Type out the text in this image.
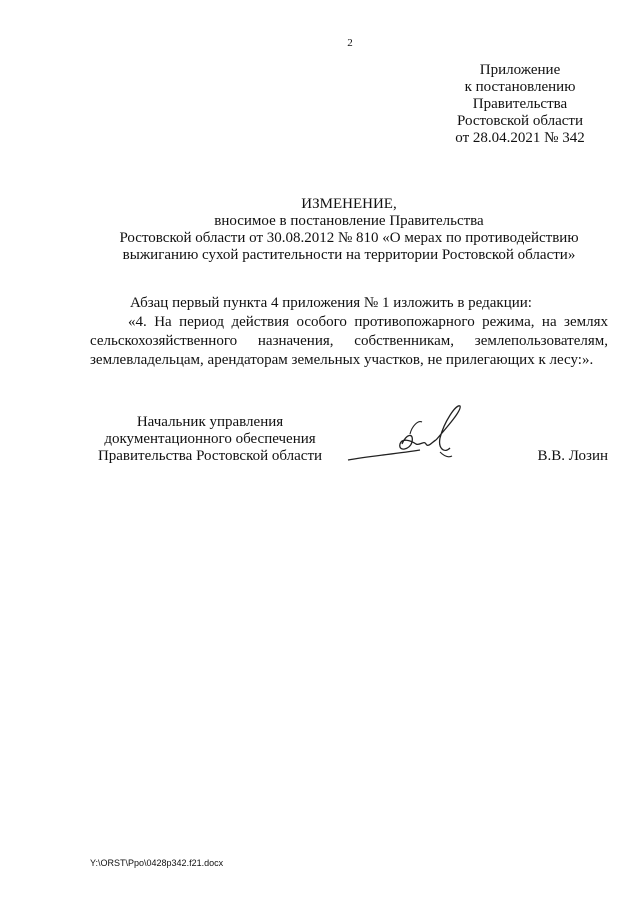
2
Приложение
к постановлению
Правительства
Ростовской области
от 28.04.2021 № 342
ИЗМЕНЕНИЕ,
вносимое в постановление Правительства
Ростовской области от 30.08.2012 № 810 «О мерах по противодействию
выжиганию сухой растительности на территории Ростовской области»

Абзац первый пункта 4 приложения № 1 изложить в редакции:

«4. На период действия особого противопожарного режима, на землях сельскохозяйственного назначения, собственникам, землепользователям, землевладельцам, арендаторам земельных участков, не прилегающих к лесу:».

Начальник управления
документационного обеспечения
Правительства Ростовской области	В.В. Лозин
Y:\ORST\Ppo\0428p342.f21.docx
